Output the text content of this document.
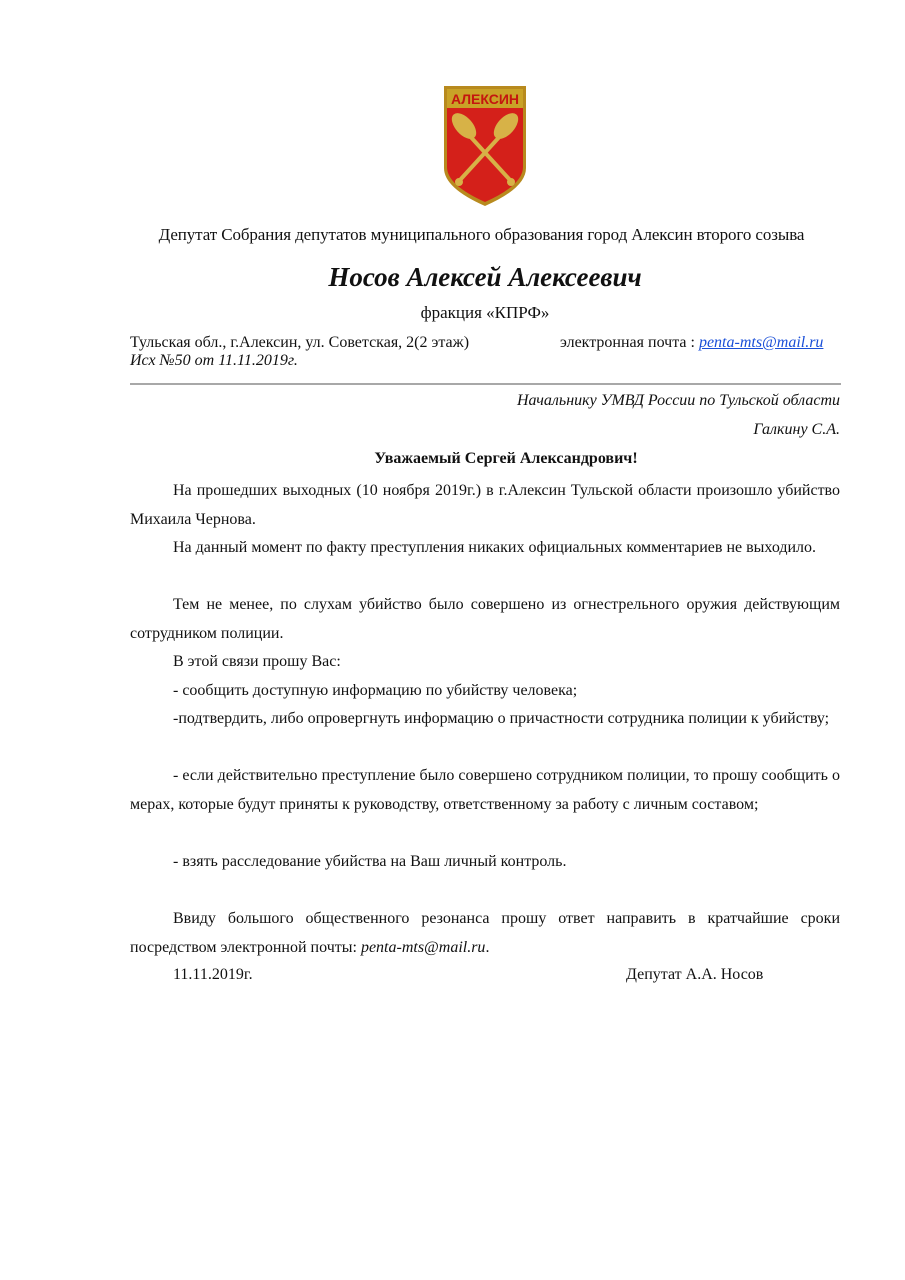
АЛЕКСИН
Депутат Собрания депутатов муниципального образования город Алексин второго созыва
Носов Алексей Алексеевич
фракция «КПРФ»
Тульская обл., г.Алексин, ул. Советская, 2(2 этаж)	электронная почта : penta-mts@mail.ru
Исх №50 от 11.11.2019г.
Начальнику УМВД России по Тульской области
Галкину С.А.
Уважаемый Сергей Александрович!
На прошедших выходных (10 ноября 2019г.) в г.Алексин Тульской области произошло убийство Михаила Чернова.
На данный момент по факту преступления никаких официальных комментариев не выходило.
Тем не менее, по слухам убийство было совершено из огнестрельного оружия действующим сотрудником полиции.
В этой связи прошу Вас:
- сообщить доступную информацию по убийству человека;
-подтвердить, либо опровергнуть информацию о причастности сотрудника полиции к убийству;
- если действительно преступление было совершено сотрудником полиции, то прошу сообщить о мерах, которые будут приняты к руководству, ответственному за работу с личным составом;
- взять расследование убийства на Ваш личный контроль.
Ввиду большого общественного резонанса прошу ответ направить в кратчайшие сроки посредством электронной почты: penta-mts@mail.ru.
11.11.2019г.	Депутат А.А. Носов
